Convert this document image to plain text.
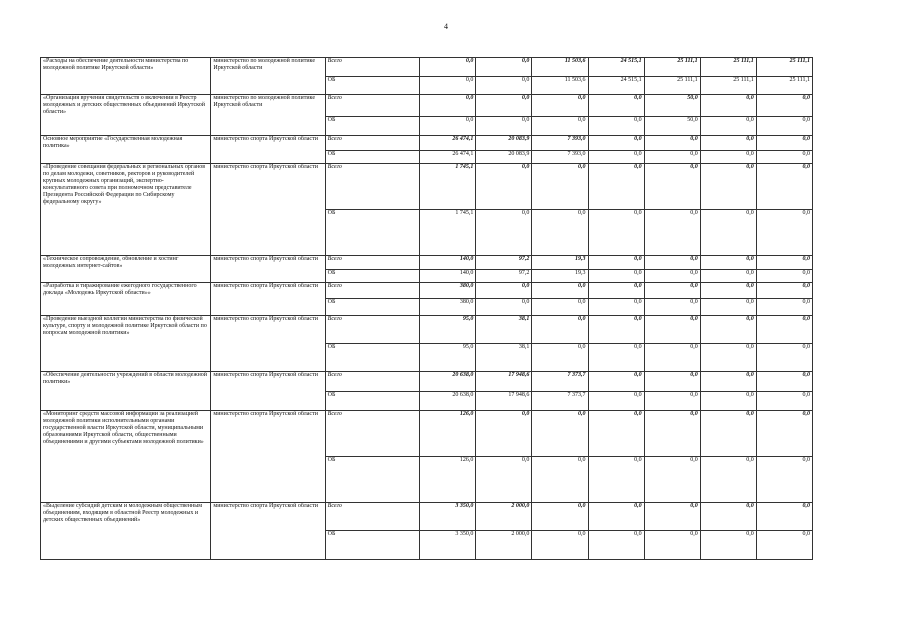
4
«Расходы на обеспечение деятельности министерства по молодежной политике Иркутской области»	министерство по молодежной политике Иркутской области	Всего	0,0	0,0	11 503,6	24 515,1	25 111,1	25 111,1	25 111,1
		ОБ	0,0	0,0	11 503,6	24 515,1	25 111,1	25 111,1	25 111,1
«Организация вручения свидетельств о включении в Реестр молодежных и детских общественных объединений Иркутской области»	министерство по молодежной политике Иркутской области	Всего	0,0	0,0	0,0	0,0	50,0	0,0	0,0
		ОБ	0,0	0,0	0,0	0,0	50,0	0,0	0,0
Основное мероприятие «Государственная молодежная политика»	министерство спорта Иркутской области	Всего	26 474,1	20 083,9	7 393,0	0,0	0,0	0,0	0,0
		ОБ	26 474,1	20 083,9	7 393,0	0,0	0,0	0,0	0,0
«Проведение совещания федеральных и региональных органов по делам молодежи, советников, ректоров и руководителей крупных молодежных организаций, экспертно-консультативного совета при полномочном представителе Президента Российской Федерации по Сибирскому федеральному округу»	министерство спорта Иркутской области	Всего	1 745,1	0,0	0,0	0,0	0,0	0,0	0,0
		ОБ	1 745,1	0,0	0,0	0,0	0,0	0,0	0,0
«Техническое сопровождение, обновление и хостинг молодежных интернет-сайтов»	министерство спорта Иркутской области	Всего	140,0	97,2	19,3	0,0	0,0	0,0	0,0
		ОБ	140,0	97,2	19,3	0,0	0,0	0,0	0,0
«Разработка и тиражирование ежегодного государственного доклада «Молодежь Иркутской области»»	министерство спорта Иркутской области	Всего	380,0	0,0	0,0	0,0	0,0	0,0	0,0
		ОБ	380,0	0,0	0,0	0,0	0,0	0,0	0,0
«Проведение выездной коллегии министерства по физической культуре, спорту и молодежной политике Иркутской области по вопросам молодежной политики»	министерство спорта Иркутской области	Всего	95,0	38,1	0,0	0,0	0,0	0,0	0,0
		ОБ	95,0	38,1	0,0	0,0	0,0	0,0	0,0
«Обеспечение деятельности учреждений в области молодежной политики»	министерство спорта Иркутской области	Всего	20 638,0	17 948,6	7 373,7	0,0	0,0	0,0	0,0
		ОБ	20 638,0	17 948,6	7 373,7	0,0	0,0	0,0	0,0
«Мониторинг средств массовой информации за реализацией молодежной политики исполнительными органами государственной власти Иркутской области, муниципальными образованиями Иркутской области, общественными объединениями и другими субъектами молодежной политики»	министерство спорта Иркутской области	Всего	126,0	0,0	0,0	0,0	0,0	0,0	0,0
		ОБ	126,0	0,0	0,0	0,0	0,0	0,0	0,0
«Выделение субсидий детским и молодежным общественным объединениям, входящим в областной Реестр молодежных и детских общественных объединений»	министерство спорта Иркутской области	Всего	3 350,0	2 000,0	0,0	0,0	0,0	0,0	0,0
		ОБ	3 350,0	2 000,0	0,0	0,0	0,0	0,0	0,0
